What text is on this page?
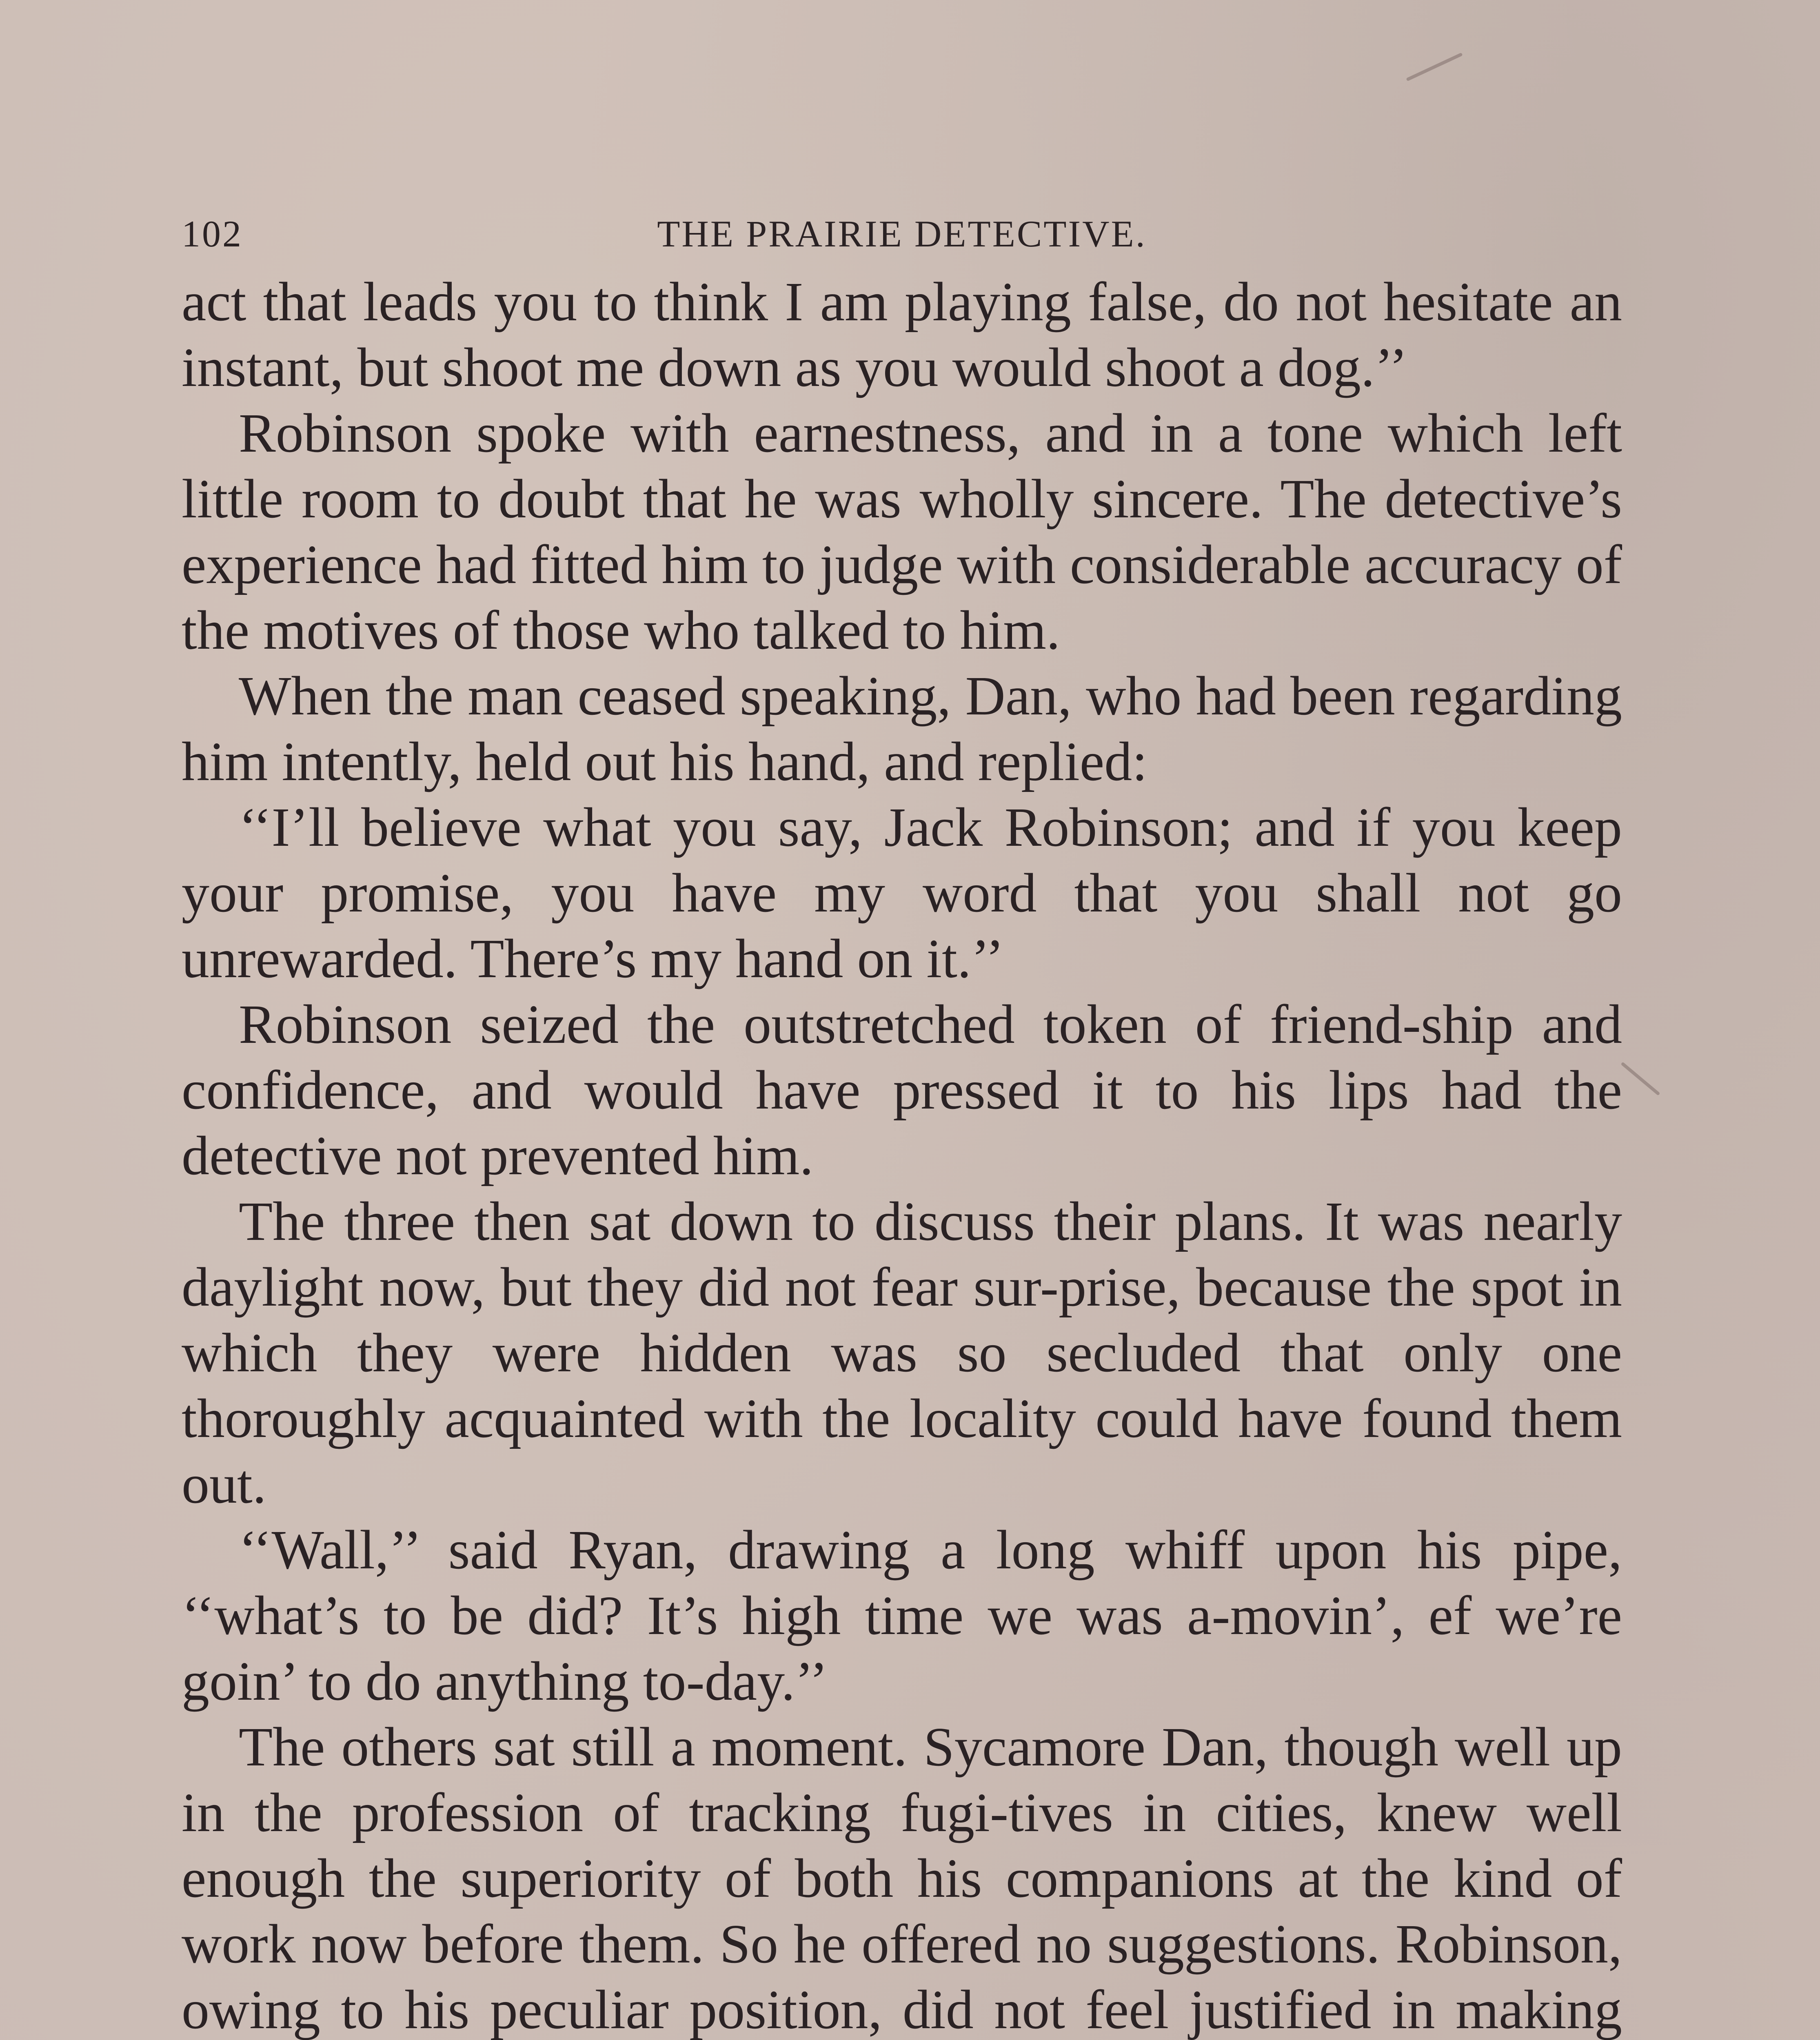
102	THE PRAIRIE DETECTIVE.

act that leads you to think I am playing false, do not hesitate an instant, but shoot me down as you would shoot a dog.’’

Robinson spoke with earnestness, and in a tone which left little room to doubt that he was wholly sincere. The detective’s experience had fitted him to judge with considerable accuracy of the motives of those who talked to him.

When the man ceased speaking, Dan, who had been regarding him intently, held out his hand, and replied:

‘‘I’ll believe what you say, Jack Robinson; and if you keep your promise, you have my word that you shall not go unrewarded. There’s my hand on it.’’

Robinson seized the outstretched token of friend-ship and confidence, and would have pressed it to his lips had the detective not prevented him.

The three then sat down to discuss their plans. It was nearly daylight now, but they did not fear sur-prise, because the spot in which they were hidden was so secluded that only one thoroughly acquainted with the locality could have found them out.

‘‘Wall,’’ said Ryan, drawing a long whiff upon his pipe, ‘‘what’s to be did? It’s high time we was a-movin’, ef we’re goin’ to do anything to-day.’’

The others sat still a moment. Sycamore Dan, though well up in the profession of tracking fugi-tives in cities, knew well enough the superiority of both his companions at the kind of work now before them. So he offered no suggestions. Robinson, owing to his peculiar position, did not feel justified in making
